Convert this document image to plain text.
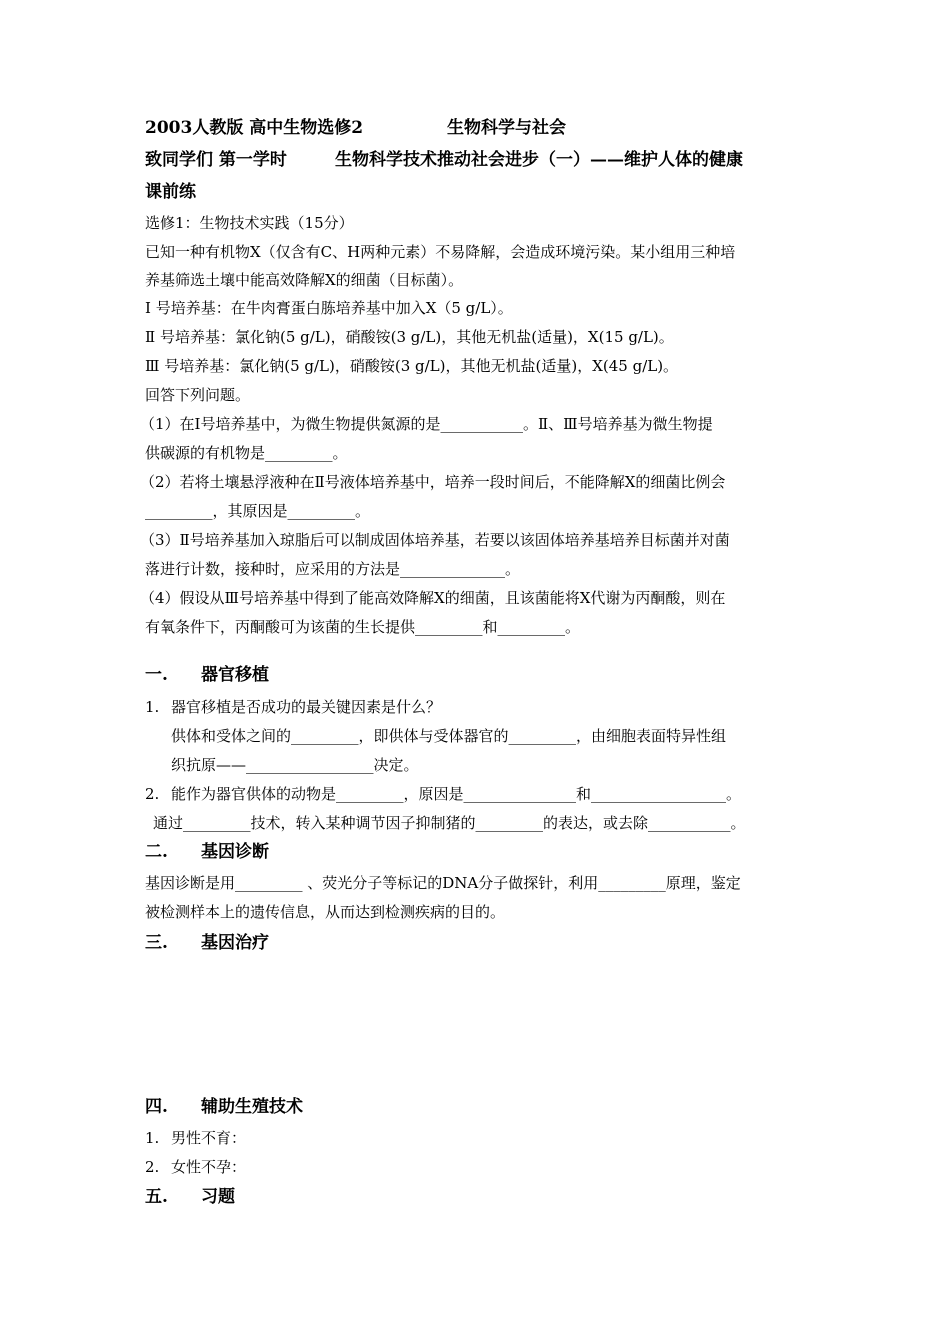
2003人教版 高中生物选修2	生物科学与社会
致同学们 第一学时	生物科学技术推动社会进步（一）——维护人体的健康
课前练
选修1：生物技术实践（15分）
已知一种有机物X（仅含有C、H两种元素）不易降解，会造成环境污染。某小组用三种培
养基筛选土壤中能高效降解X的细菌（目标菌）。
Ⅰ 号培养基：在牛肉膏蛋白胨培养基中加入X（5 g/L）。
Ⅱ 号培养基：氯化钠(5 g/L)，硝酸铵(3 g/L)，其他无机盐(适量)，X(15 g/L)。
Ⅲ 号培养基：氯化钠(5 g/L)，硝酸铵(3 g/L)，其他无机盐(适量)，X(45 g/L)。
回答下列问题。
（1）在Ⅰ号培养基中，为微生物提供氮源的是___________。Ⅱ、Ⅲ号培养基为微生物提
供碳源的有机物是_________。
（2）若将土壤悬浮液种在Ⅱ号液体培养基中，培养一段时间后，不能降解X的细菌比例会
_________，其原因是_________。
（3）Ⅱ号培养基加入琼脂后可以制成固体培养基，若要以该固体培养基培养目标菌并对菌
落进行计数，接种时，应采用的方法是______________。
（4）假设从Ⅲ号培养基中得到了能高效降解X的细菌，且该菌能将X代谢为丙酮酸，则在
有氧条件下，丙酮酸可为该菌的生长提供_________和_________。
一. 器官移植
1. 器官移植是否成功的最关键因素是什么？
供体和受体之间的_________，即供体与受体器官的_________，由细胞表面特异性组
织抗原——_________________决定。
2. 能作为器官供体的动物是_________，原因是_______________和__________________。
通过_________技术，转入某种调节因子抑制猪的_________的表达，或去除___________。
二. 基因诊断
基因诊断是用_________ 、荧光分子等标记的DNA分子做探针，利用_________原理，鉴定
被检测样本上的遗传信息，从而达到检测疾病的目的。
三. 基因治疗
四. 辅助生殖技术
1. 男性不育：
2. 女性不孕：
五. 习题
